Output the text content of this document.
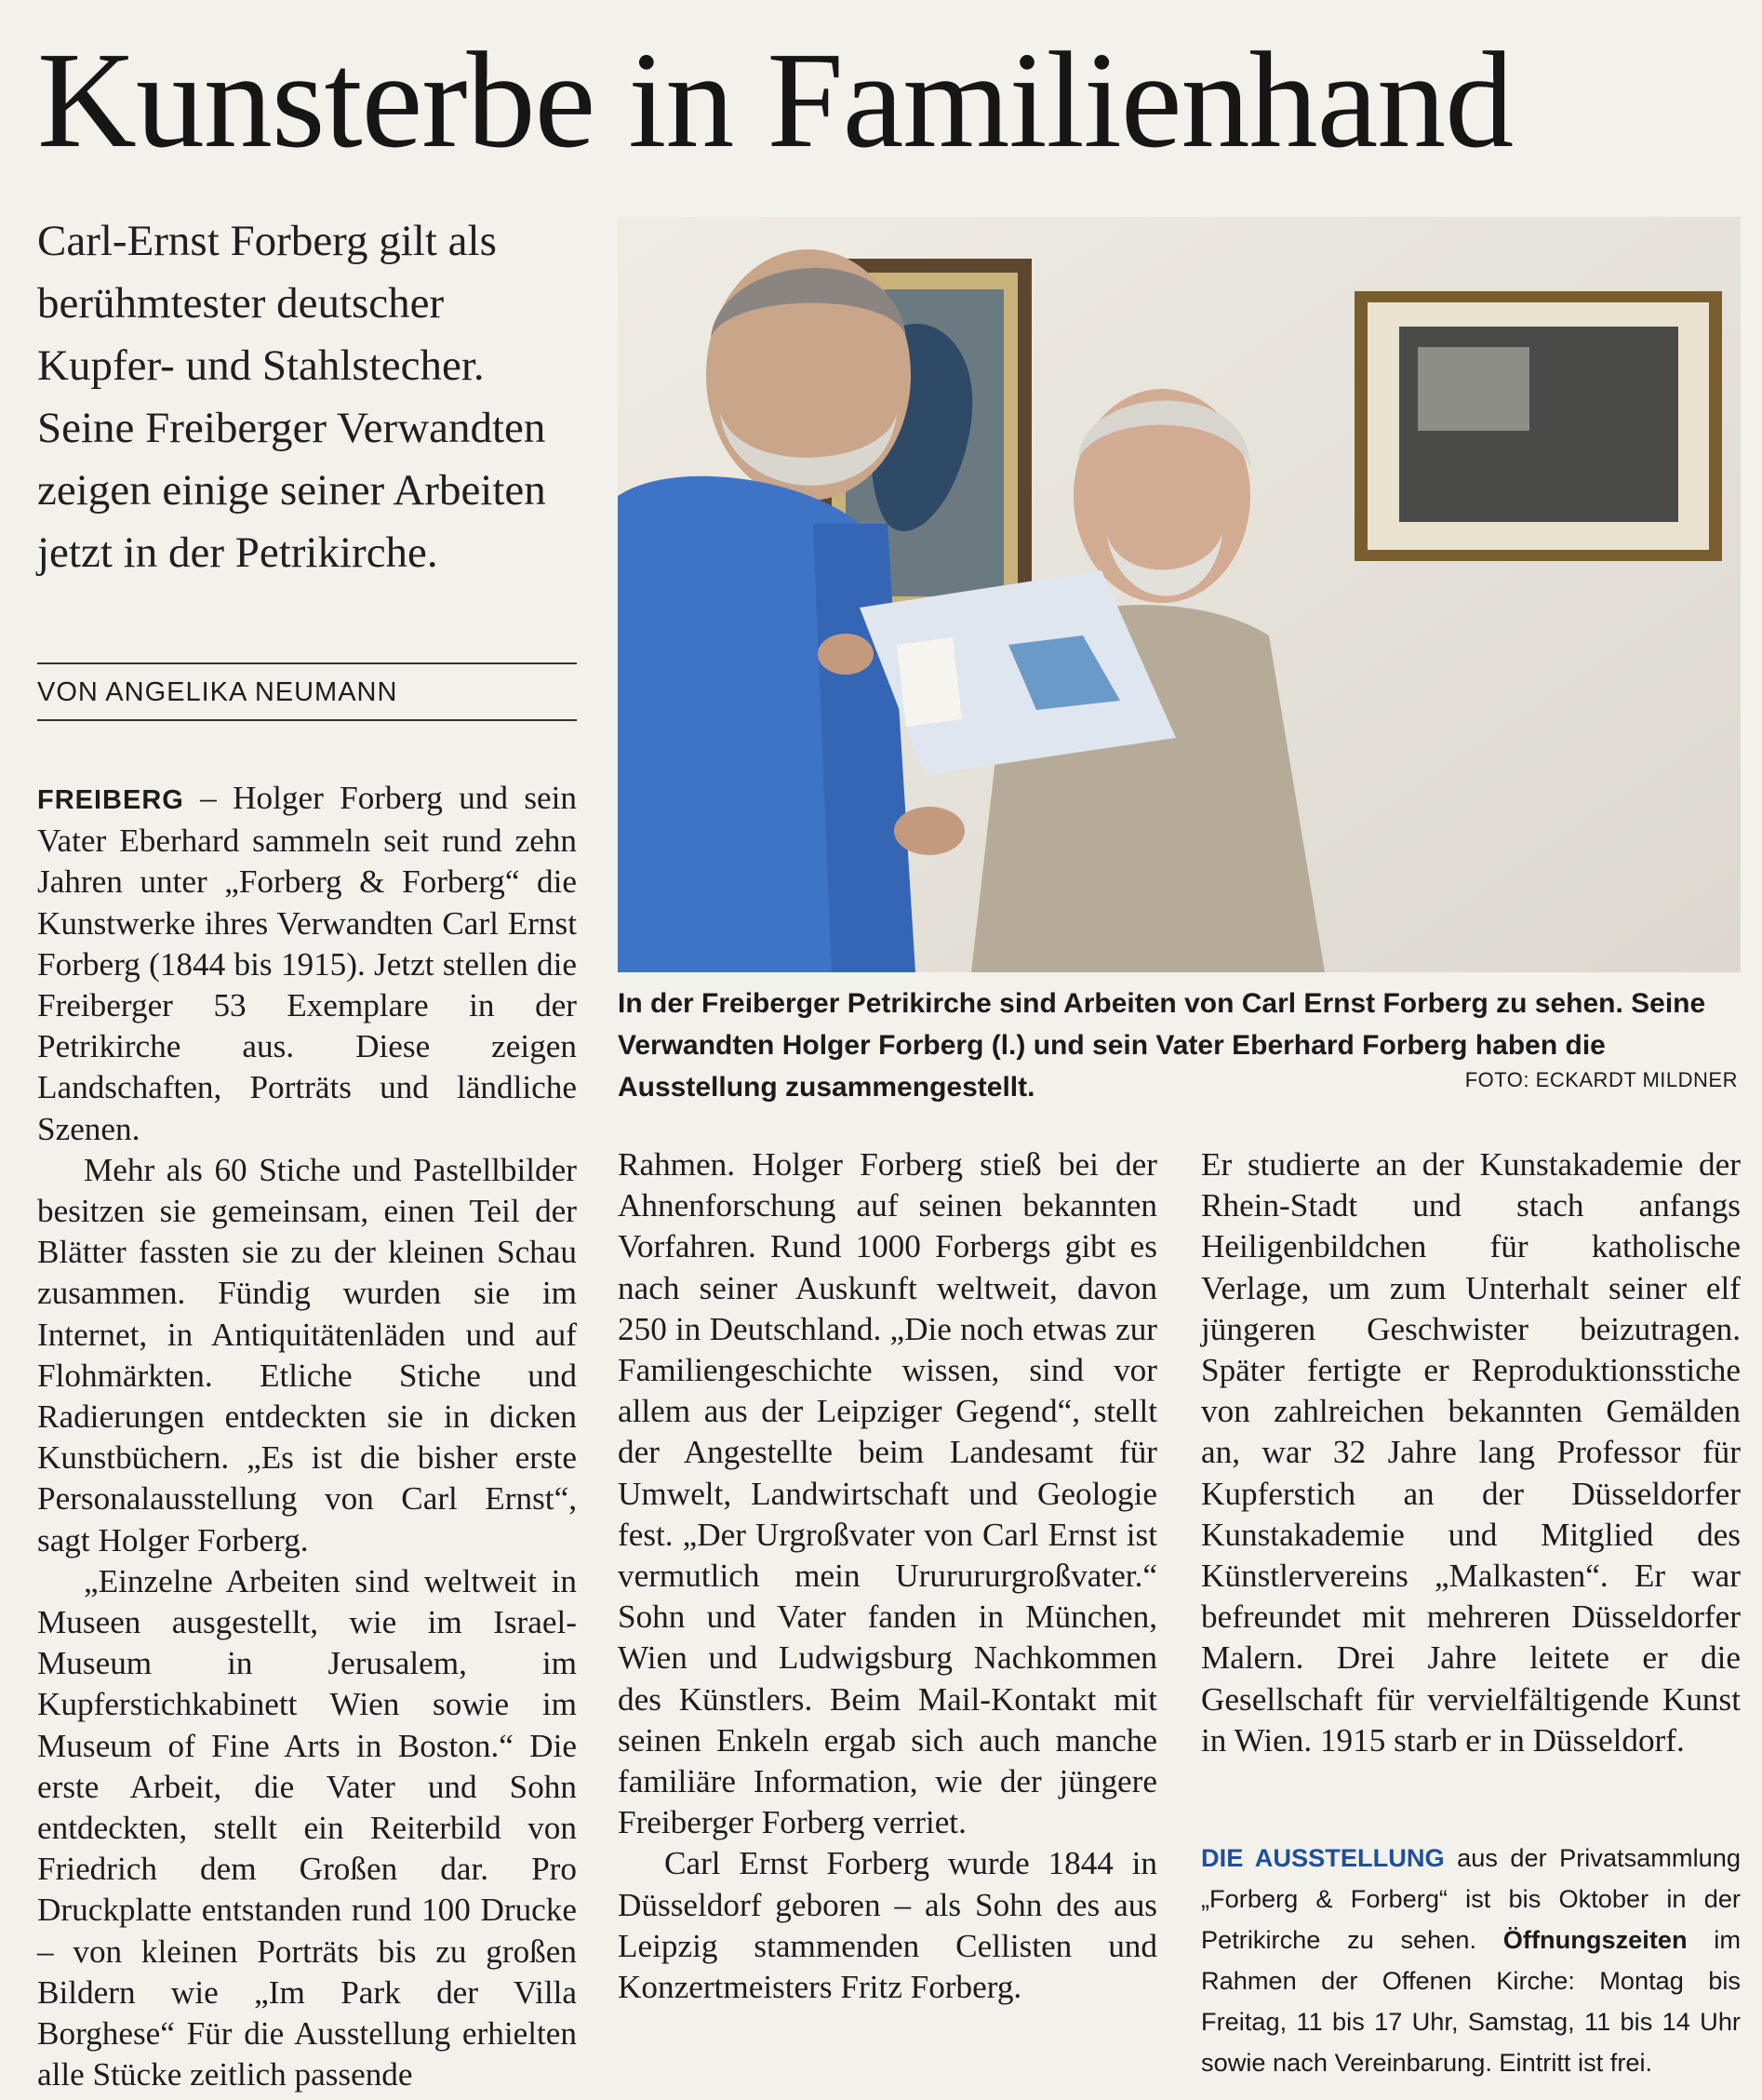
Kunsterbe in Familienhand

Carl-Ernst Forberg gilt als berühmtester deutscher Kupfer- und Stahlstecher. Seine Freiberger Verwandten zeigen einige seiner Arbeiten jetzt in der Petrikirche.

VON ANGELIKA NEUMANN

FREIBERG – Holger Forberg und sein Vater Eberhard sammeln seit rund zehn Jahren unter „Forberg & Forberg“ die Kunstwerke ihres Verwandten Carl Ernst Forberg (1844 bis 1915). Jetzt stellen die Freiberger 53 Exemplare in der Petrikirche aus. Diese zeigen Landschaften, Porträts und ländliche Szenen.

Mehr als 60 Stiche und Pastellbilder besitzen sie gemeinsam, einen Teil der Blätter fassten sie zu der kleinen Schau zusammen. Fündig wurden sie im Internet, in Antiquitätenläden und auf Flohmärkten. Etliche Stiche und Radierungen entdeckten sie in dicken Kunstbüchern. „Es ist die bisher erste Personalausstellung von Carl Ernst“, sagt Holger Forberg.

„Einzelne Arbeiten sind weltweit in Museen ausgestellt, wie im Israel-Museum in Jerusalem, im Kupferstichkabinett Wien sowie im Museum of Fine Arts in Boston.“ Die erste Arbeit, die Vater und Sohn entdeckten, stellt ein Reiterbild von Friedrich dem Großen dar. Pro Druckplatte entstanden rund 100 Drucke – von kleinen Porträts bis zu großen Bildern wie „Im Park der Villa Borghese“ Für die Ausstellung erhielten alle Stücke zeitlich passende

In der Freiberger Petrikirche sind Arbeiten von Carl Ernst Forberg zu sehen. Seine Verwandten Holger Forberg (l.) und sein Vater Eberhard Forberg haben die Ausstellung zusammengestellt.	FOTO: ECKARDT MILDNER

Rahmen. Holger Forberg stieß bei der Ahnenforschung auf seinen bekannten Vorfahren. Rund 1000 Forbergs gibt es nach seiner Auskunft weltweit, davon 250 in Deutschland. „Die noch etwas zur Familiengeschichte wissen, sind vor allem aus der Leipziger Gegend“, stellt der Angestellte beim Landesamt für Umwelt, Landwirtschaft und Geologie fest. „Der Urgroßvater von Carl Ernst ist vermutlich mein Ururururgroßvater.“ Sohn und Vater fanden in München, Wien und Ludwigsburg Nachkommen des Künstlers. Beim Mail-Kontakt mit seinen Enkeln ergab sich auch manche familiäre Information, wie der jüngere Freiberger Forberg verriet.

Carl Ernst Forberg wurde 1844 in Düsseldorf geboren – als Sohn des aus Leipzig stammenden Cellisten und Konzertmeisters Fritz Forberg.

Er studierte an der Kunstakademie der Rhein-Stadt und stach anfangs Heiligenbildchen für katholische Verlage, um zum Unterhalt seiner elf jüngeren Geschwister beizutragen. Später fertigte er Reproduktionsstiche von zahlreichen bekannten Gemälden an, war 32 Jahre lang Professor für Kupferstich an der Düsseldorfer Kunstakademie und Mitglied des Künstlervereins „Malkasten“. Er war befreundet mit mehreren Düsseldorfer Malern. Drei Jahre leitete er die Gesellschaft für vervielfältigende Kunst in Wien. 1915 starb er in Düsseldorf.

DIE AUSSTELLUNG aus der Privatsammlung „Forberg & Forberg“ ist bis Oktober in der Petrikirche zu sehen. Öffnungszeiten im Rahmen der Offenen Kirche: Montag bis Freitag, 11 bis 17 Uhr, Samstag, 11 bis 14 Uhr sowie nach Vereinbarung. Eintritt ist frei.
